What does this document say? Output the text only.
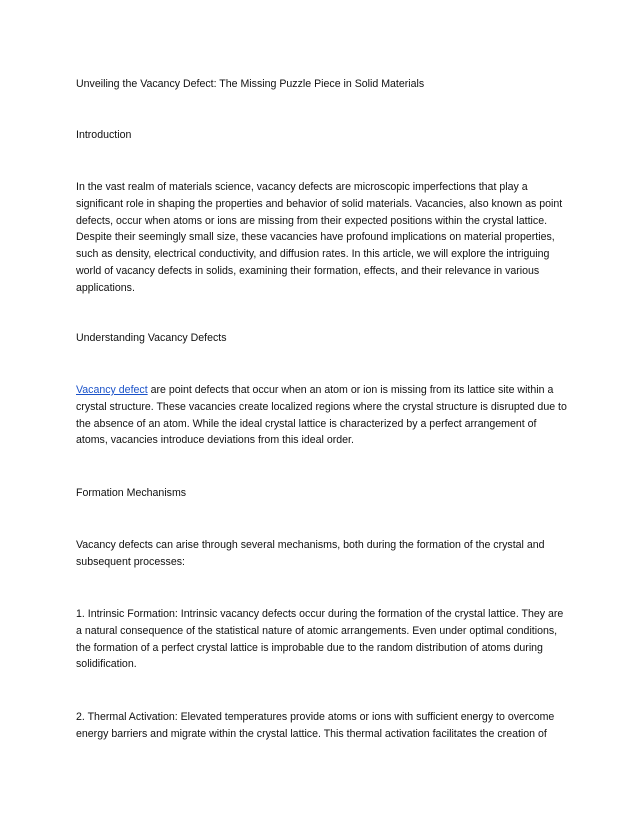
Unveiling the Vacancy Defect: The Missing Puzzle Piece in Solid Materials

Introduction

In the vast realm of materials science, vacancy defects are microscopic imperfections that play a significant role in shaping the properties and behavior of solid materials. Vacancies, also known as point defects, occur when atoms or ions are missing from their expected positions within the crystal lattice. Despite their seemingly small size, these vacancies have profound implications on material properties, such as density, electrical conductivity, and diffusion rates. In this article, we will explore the intriguing world of vacancy defects in solids, examining their formation, effects, and their relevance in various applications.

Understanding Vacancy Defects

Vacancy defect are point defects that occur when an atom or ion is missing from its lattice site within a crystal structure. These vacancies create localized regions where the crystal structure is disrupted due to the absence of an atom. While the ideal crystal lattice is characterized by a perfect arrangement of atoms, vacancies introduce deviations from this ideal order.

Formation Mechanisms

Vacancy defects can arise through several mechanisms, both during the formation of the crystal and subsequent processes:

1. Intrinsic Formation: Intrinsic vacancy defects occur during the formation of the crystal lattice. They are a natural consequence of the statistical nature of atomic arrangements. Even under optimal conditions, the formation of a perfect crystal lattice is improbable due to the random distribution of atoms during solidification.

2. Thermal Activation: Elevated temperatures provide atoms or ions with sufficient energy to overcome energy barriers and migrate within the crystal lattice. This thermal activation facilitates the creation of
